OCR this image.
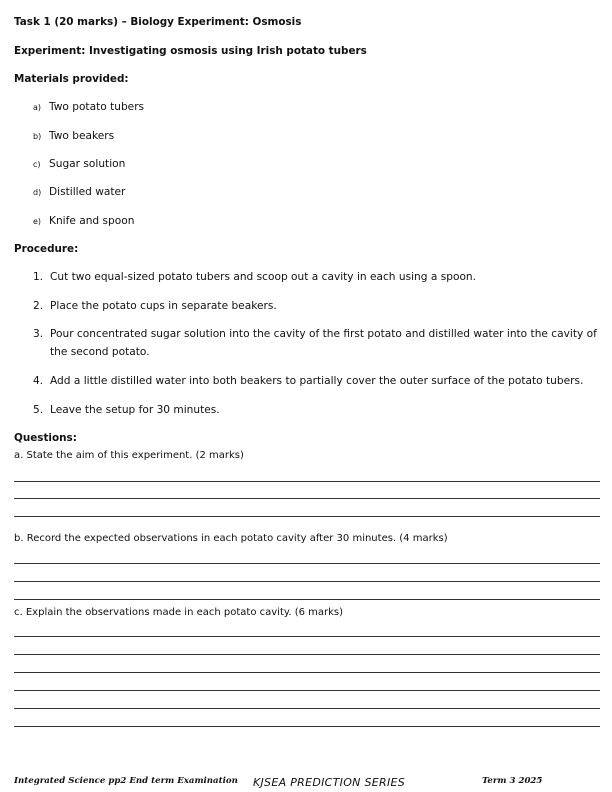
Task 1 (20 marks) – Biology Experiment: Osmosis
Experiment: Investigating osmosis using Irish potato tubers
Materials provided:
a) Two potato tubers
b) Two beakers
c) Sugar solution
d) Distilled water
e) Knife and spoon
Procedure:
1. Cut two equal-sized potato tubers and scoop out a cavity in each using a spoon.
2. Place the potato cups in separate beakers.
3. Pour concentrated sugar solution into the cavity of the first potato and distilled water into the cavity of the second potato.
4. Add a little distilled water into both beakers to partially cover the outer surface of the potato tubers.
5. Leave the setup for 30 minutes.
Questions:
a. State the aim of this experiment. (2 marks)
b. Record the expected observations in each potato cavity after 30 minutes. (4 marks)
c. Explain the observations made in each potato cavity. (6 marks)
Integrated Science pp2 End term Examination KJSEA PREDICTION SERIES	Term 3 2025
